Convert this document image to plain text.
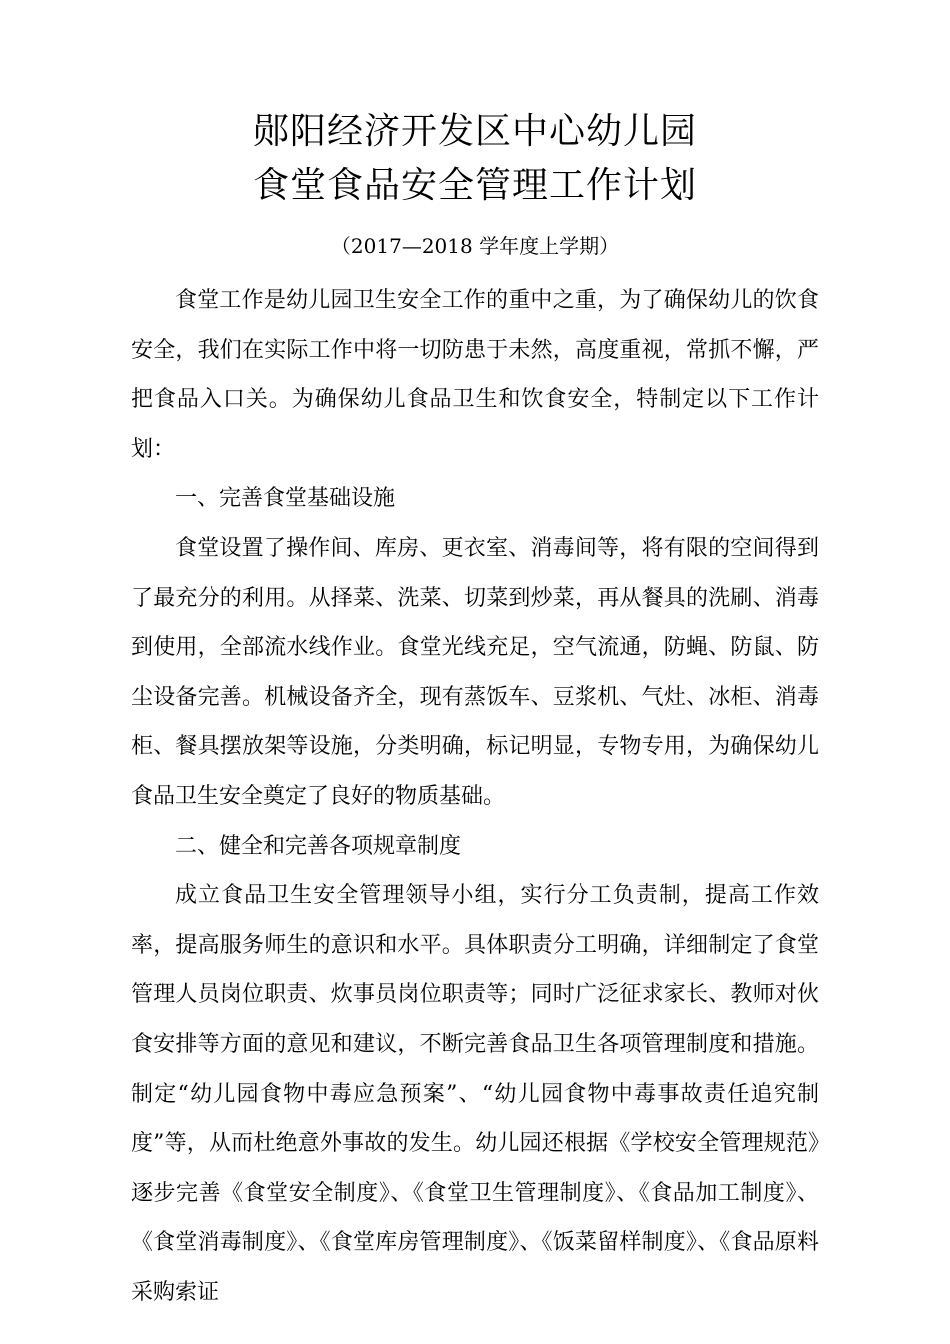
郧阳经济开发区中心幼儿园
食堂食品安全管理工作计划

（2017—2018 学年度上学期）

食堂工作是幼儿园卫生安全工作的重中之重，为了确保幼儿的饮食安全，我们在实际工作中将一切防患于未然，高度重视，常抓不懈，严把食品入口关。为确保幼儿食品卫生和饮食安全，特制定以下工作计划：

一、完善食堂基础设施

食堂设置了操作间、库房、更衣室、消毒间等，将有限的空间得到了最充分的利用。从择菜、洗菜、切菜到炒菜，再从餐具的洗刷、消毒到使用，全部流水线作业。食堂光线充足，空气流通，防蝇、防鼠、防尘设备完善。机械设备齐全，现有蒸饭车、豆浆机、气灶、冰柜、消毒柜、餐具摆放架等设施，分类明确，标记明显，专物专用，为确保幼儿食品卫生安全奠定了良好的物质基础。

二、健全和完善各项规章制度

成立食品卫生安全管理领导小组，实行分工负责制，提高工作效率，提高服务师生的意识和水平。具体职责分工明确，详细制定了食堂管理人员岗位职责、炊事员岗位职责等；同时广泛征求家长、教师对伙食安排等方面的意见和建议，不断完善食品卫生各项管理制度和措施。制定“幼儿园食物中毒应急预案”、“幼儿园食物中毒事故责任追究制度”等，从而杜绝意外事故的发生。幼儿园还根据《学校安全管理规范》逐步完善《食堂安全制度》、《食堂卫生管理制度》、《食品加工制度》、《食堂消毒制度》、《食堂库房管理制度》、《饭菜留样制度》、《食品原料采购索证
